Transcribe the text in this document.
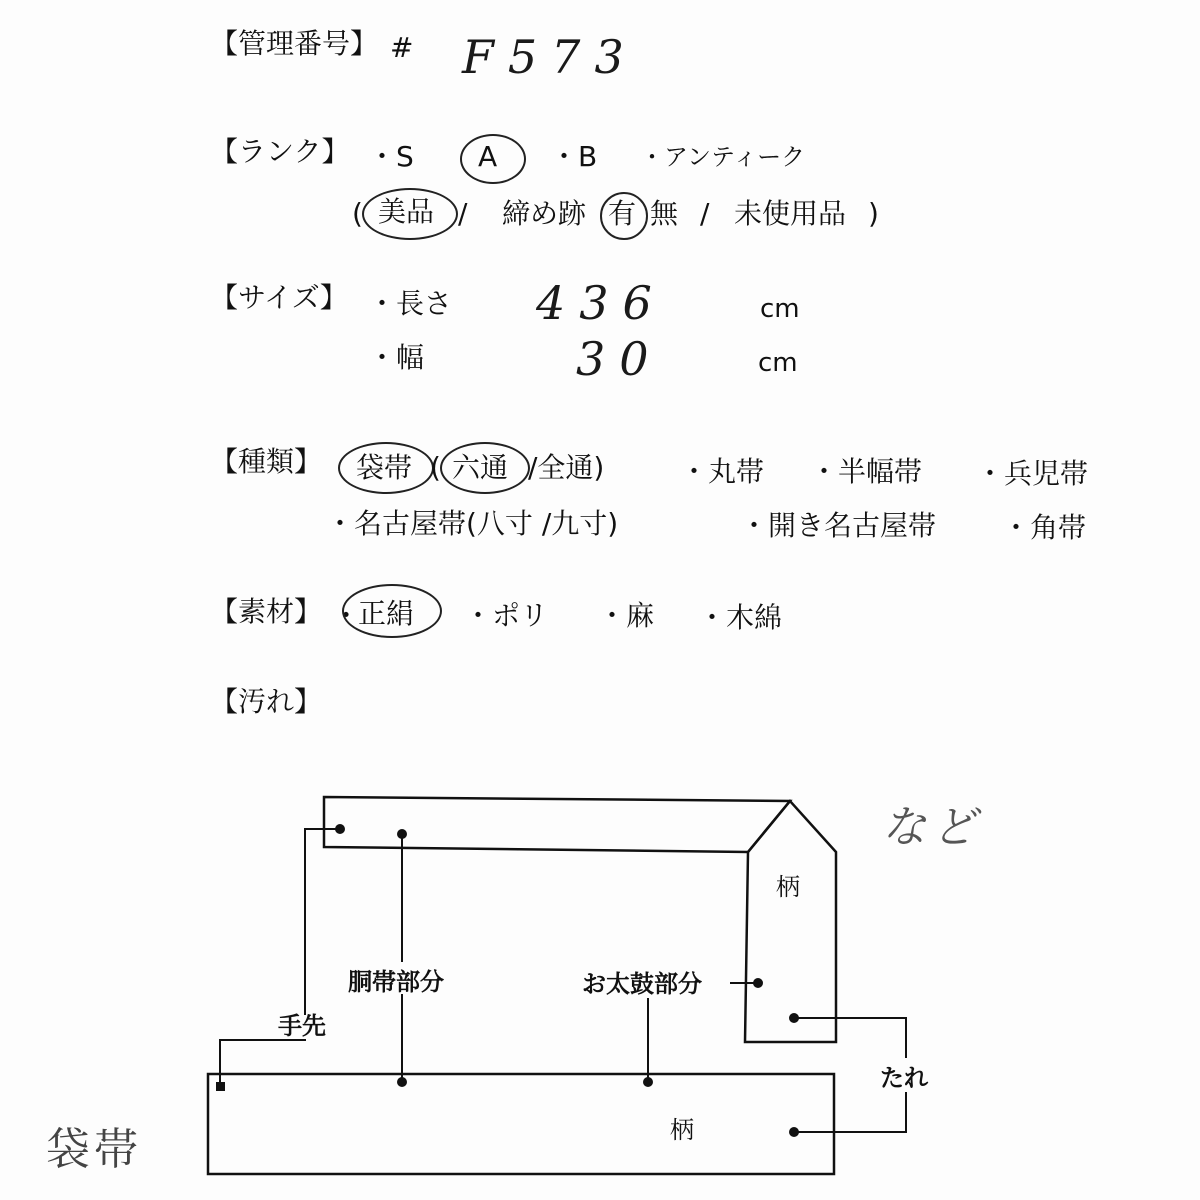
【管理番号】 # F573
【ランク】 ・S A ・B ・アンティーク
( 美品 / 締め跡 有 無 / 未使用品 )
【サイズ】 ・長さ 436	cm
・幅	30	cm
【種類】 袋帯 ( 六通 /全通)	・丸帯 ・半幅帯 ・兵児帯
・名古屋帯(八寸 /九寸)	・開き名古屋帯 ・角帯
【素材】 ・
正絹 ・ポリ ・麻 ・木綿
【汚れ】
柄
柄
胴帯部分	お太鼓部分
手先
たれ
など
袋帯
